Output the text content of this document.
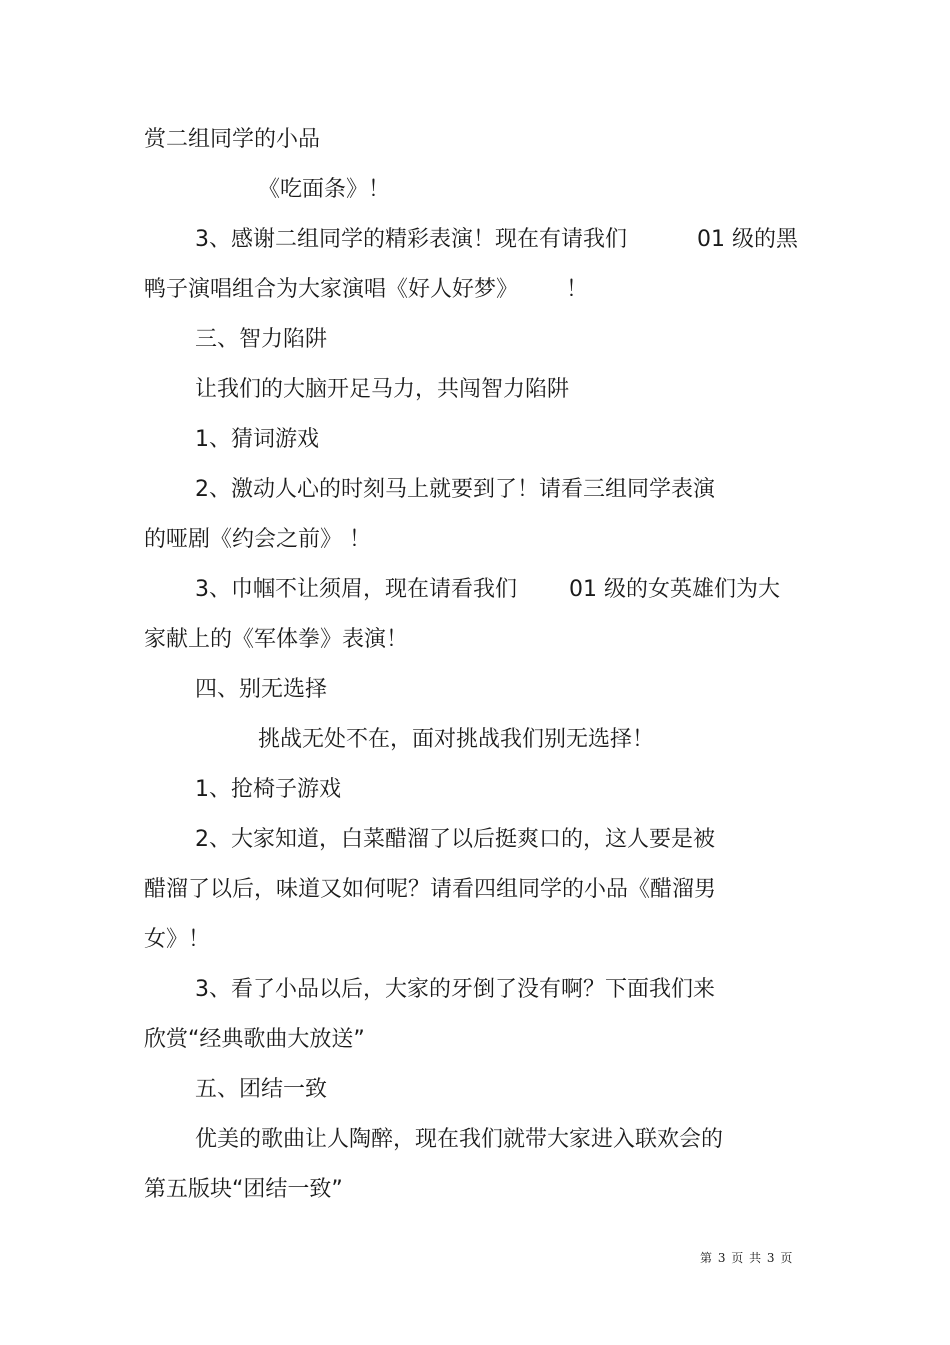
赏二组同学的小品
《吃面条》！
3、感谢二组同学的精彩表演！现在有请我们	01 级的黑
鸭子演唱组合为大家演唱《好人好梦》 ！
三、智力陷阱
让我们的大脑开足马力，共闯智力陷阱
1、猜词游戏
2、激动人心的时刻马上就要到了！请看三组同学表演
的哑剧《约会之前》 ！
3、巾帼不让须眉，现在请看我们 01 级的女英雄们为大
家献上的《军体拳》表演！
四、别无选择
挑战无处不在，面对挑战我们别无选择！
1、抢椅子游戏
2、大家知道，白菜醋溜了以后挺爽口的，这人要是被
醋溜了以后，味道又如何呢？请看四组同学的小品《醋溜男
女》！
3、看了小品以后，大家的牙倒了没有啊？下面我们来
欣赏“经典歌曲大放送”
五、团结一致
优美的歌曲让人陶醉，现在我们就带大家进入联欢会的
第五版块“团结一致”
第 3 页 共 3 页
